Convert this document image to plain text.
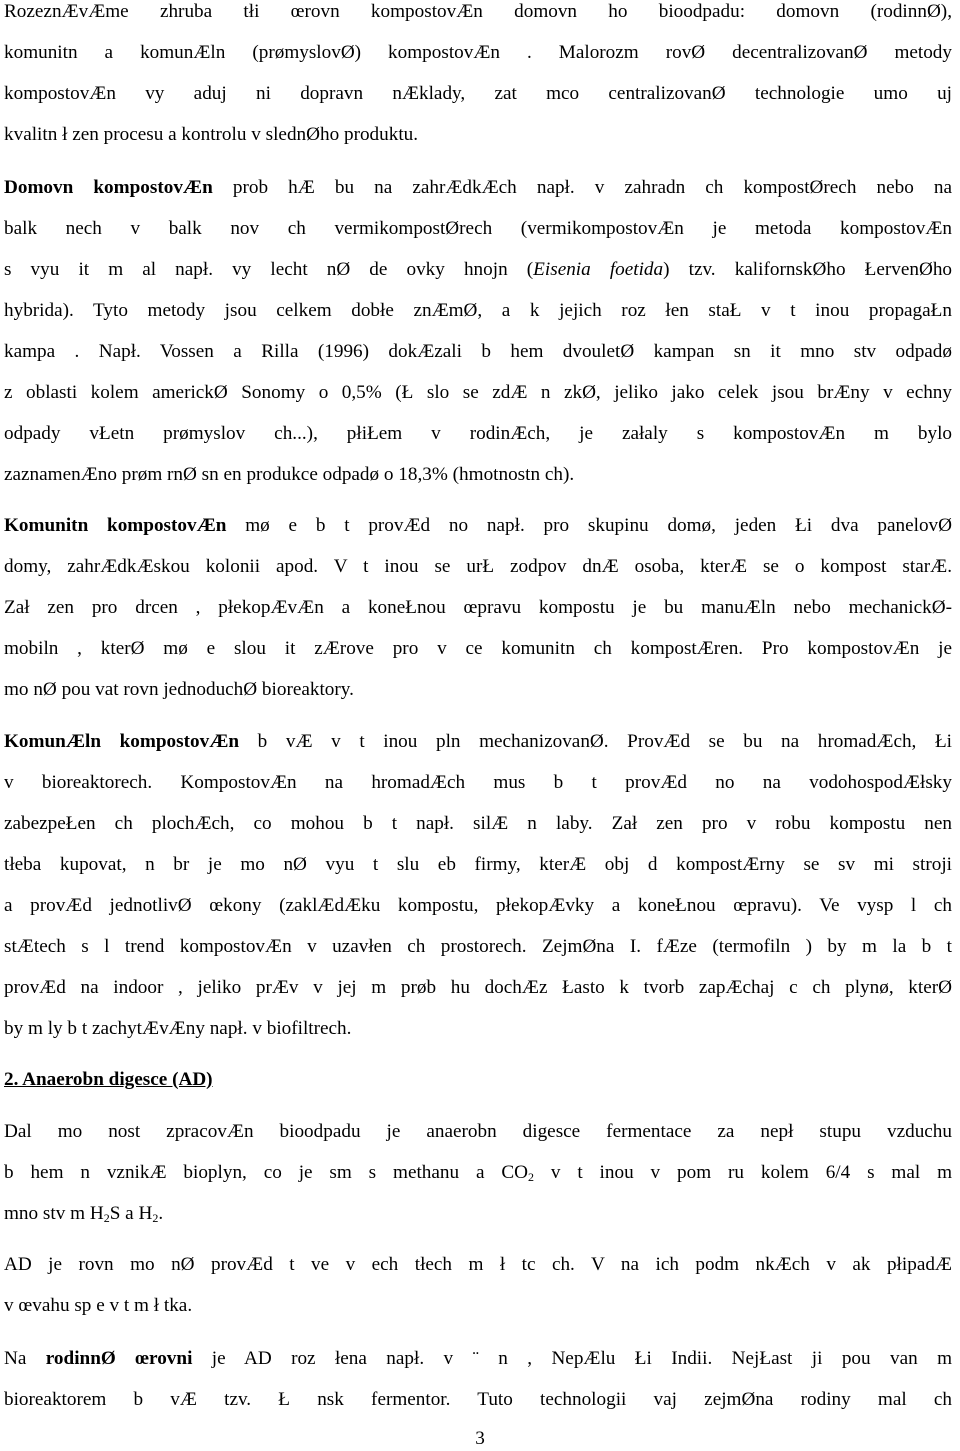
RozeznÆvÆme zhruba tłi œrovn kompostovÆn domovn ho bioodpadu: domovn (rodinnØ),
komunitn a komunÆln (prømyslovØ) kompostovÆn . Malorozm rovØ decentralizovanØ metody
kompostovÆn vy aduj ni dopravn nÆklady, zat mco centralizovanØ technologie umo uj
kvalitn ł zen procesu a kontrolu v slednØho produktu.
Domovn kompostovÆn prob hÆ bu na zahrÆdkÆch napł. v zahradn ch kompostØrech nebo na
balk nech v balk nov ch vermikompostØrech (vermikompostovÆn je metoda kompostovÆn
s vyu it m al napł. vy lecht nØ de ovky hnojn (Eisenia foetida) tzv. kalifornskØho ŁervenØho
hybrida). Tyto metody jsou celkem dobłe znÆmØ, a k jejich roz łen staŁ v t inou propagaŁn
kampa . Napł. Vossen a Rilla (1996) dokÆzali b hem dvouletØ kampan sn it mno stv odpadø
z oblasti kolem americkØ Sonomy o 0,5% (Ł slo se zdÆ n zkØ, jeliko jako celek jsou brÆny v echny
odpady vŁetn prømyslov ch...), płiŁem v rodinÆch, je załaly s kompostovÆn m bylo
zaznamenÆno prøm rnØ sn en produkce odpadø o 18,3% (hmotnostn ch).
Komunitn kompostovÆn mø e b t provÆd no napł. pro skupinu domø, jeden Łi dva panelovØ
domy, zahrÆdkÆskou kolonii apod. V t inou se urŁ zodpov dnÆ osoba, kterÆ se o kompost starÆ.
Zał zen pro drcen , płekopÆvÆn a koneŁnou œpravu kompostu je bu manuÆln nebo mechanickØ-
mobiln , kterØ mø e slou it zÆrove pro v ce komunitn ch kompostÆren. Pro kompostovÆn je
mo nØ pou vat rovn jednoduchØ bioreaktory.
KomunÆln kompostovÆn b vÆ v t inou pln mechanizovanØ. ProvÆd se bu na hromadÆch, Łi
v bioreaktorech. KompostovÆn na hromadÆch mus b t provÆd no na vodohospodÆłsky
zabezpeŁen ch plochÆch, co mohou b t napł. silÆ n laby. Zał zen pro v robu kompostu nen
tłeba kupovat, n br je mo nØ vyu t slu eb firmy, kterÆ obj d kompostÆrny se sv mi stroji
a provÆd jednotlivØ œkony (zaklÆdÆku kompostu, płekopÆvky a koneŁnou œpravu). Ve vysp l ch
stÆtech s l trend kompostovÆn v uzavłen ch prostorech. ZejmØna I. fÆze (termofiln ) by m la b t
provÆd na indoor , jeliko prÆv v jej m prøb hu dochÆz Łasto k tvorb zapÆchaj c ch plynø, kterØ
by m ly b t zachytÆvÆny napł. v biofiltrech.
2. Anaerobn digesce (AD)
Dal mo nost zpracovÆn bioodpadu je anaerobn digesce fermentace za nepł stupu vzduchu
b hem n vznikÆ bioplyn, co je sm s methanu a $CO_2$ v t inou v pom ru kolem 6/4 s mal m
mno stv m $H_2S$ a $H_2$.
AD je rovn mo nØ provÆd t ve v ech tłech m ł tc ch. V na ich podm nkÆch v ak płipadÆ
v œvahu sp e v t m ł tka.
Na rodinnØ œrovni je AD roz łena napł. v ¨ n , NepÆlu Łi Indii. NejŁast ji pou van m
bioreaktorem b vÆ tzv. Ł nsk fermentor. Tuto technologii vaj zejmØna rodiny mal ch
3
